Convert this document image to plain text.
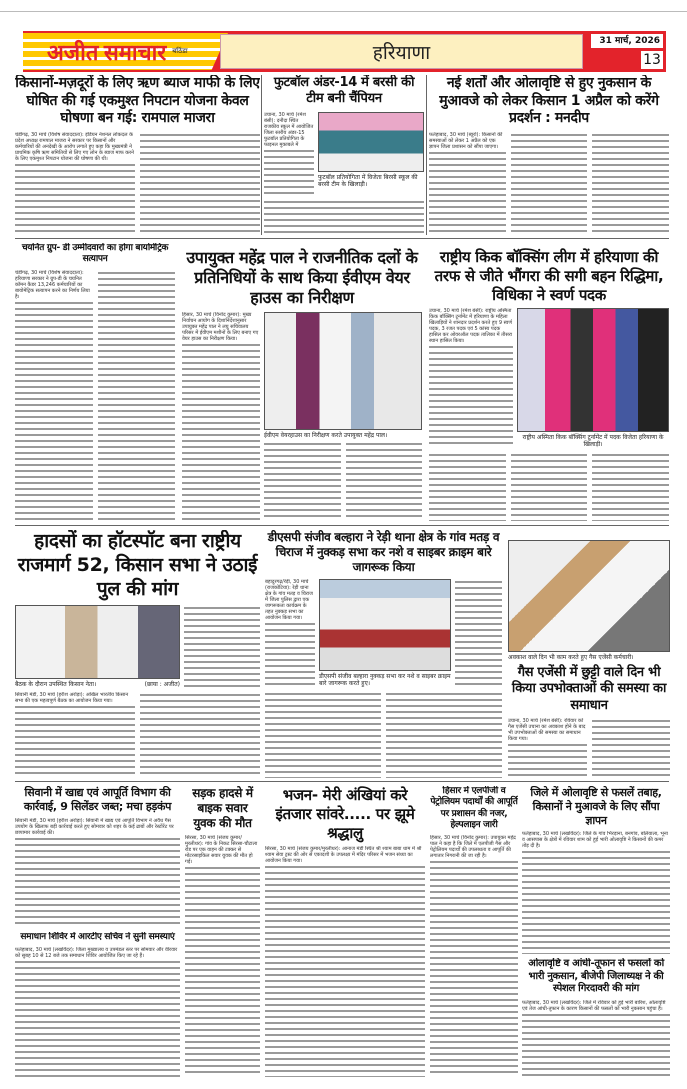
अजीत समाचार बठिंडा	हरियाणा
31 मार्च, 2026
13
किसानों-मज़दूरों के लिए ऋण ब्याज माफी के लिए घोषित की गई एकमुश्त निपटान योजना केवल घोषणा बन गई: रामपाल माजरा

चंडीगढ़, 30 मार्च (विशेष संवाददाता): इंडियन नेशनल लोकदल के प्रदेश अध्यक्ष रामपाल माजरा ने सरकार पर किसानों और कर्मचारियों की अनदेखी के आरोप लगाते हुए कहा कि मुख्यमंत्री ने प्राथमिक कृषि ऋण समितियों से लिए गए लोन के ब्याज माफ करने के लिए एकमुश्त निपटान योजना की घोषणा की थी।

फुटबॉल अंडर-14 में बरसी की टीम बनी चैंपियन

उचाना, 30 मार्च (रमेश बंसी): दनौदा स्थित राजकीय स्कूल में आयोजित जिला स्तरीय अंडर-15 फुटबॉल प्रतियोगिता के फाइनल मुकाबले में

फुटबॉल प्रतियोगिता में विजेता बिरसी स्कूल की बरसी टीम के खिलाड़ी।
नई शर्तों और ओलावृष्टि से हुए नुकसान के मुआवजे को लेकर किसान 1 अप्रैल को करेंगे प्रदर्शन : मनदीप

फतेहाबाद, 30 मार्च (ब्यूरो): किसानों की समस्याओं को लेकर 1 अप्रैल को एक ज्ञापन जिला प्रशासन को सौंपा जाएगा।

चयनित ग्रुप- डी उम्मीदवारों का होगा बायोमेट्रिक सत्यापन

चंडीगढ़, 30 मार्च (विशेष संवाददाता): हरियाणा सरकार ने ग्रुप-डी के चयनित कॉमन कैडर 13,246 कर्मचारियों का बायोमेट्रिक सत्यापन करने का निर्णय लिया है।

उपायुक्त महेंद्र पाल ने राजनीतिक दलों के प्रतिनिधियों के साथ किया ईवीएम वेयर हाउस का निरीक्षण

हिसार, 30 मार्च (विनोद कुमार): मुख्य निर्वाचन आयोग के दिशानिर्देशानुसार उपायुक्त महेंद्र पाल ने लघु सचिवालय परिसर में ईवीएम मशीनों के लिए बनाए गए वेयर हाउस का निरीक्षण किया।

ईवीएम वेयरहाउस का निरीक्षण करते उपायुक्त महेंद्र पाल।
राष्ट्रीय किक बॉक्सिंग लीग में हरियाणा की तरफ से जीते भौंगरा की सगी बहन रिद्धिमा, विधिका ने स्वर्ण पदक

उचाना, 30 मार्च (रमेश बंसी): राष्ट्रीय अस्मिता किक बॉक्सिंग टूर्नामेंट में हरियाणा के महिला खिलाड़ियों ने शानदार प्रदर्शन करते हुए 9 स्वर्ण पदक, 3 रजत पदक एवं 5 कांस्य पदक हासिल कर ओवरऑल पदक तालिका में तीसरा स्थान हासिल किया।

राष्ट्रीय अस्मिता किक बॉक्सिंग टूर्नामेंट में पदक विजेता हरियाणा के खिलाड़ी।
हादसों का हॉटस्पॉट बना राष्ट्रीय राजमार्ग 52, किसान सभा ने उठाई पुल की मांग
बैठक के दौरान उपस्थित किसान नेता।	(छाया : अजीत)

सिवानी मंडी, 30 मार्च (हरीश अरोड़ा): अखिल भारतीय किसान सभा की एक महत्वपूर्ण बैठक का आयोजन किया गया।

डीएसपी संजीव बल्हारा ने रेड़ी थाना क्षेत्र के गांव मतड़ व चिराज में नुक्कड़ सभा कर नशे व साइबर क्राइम बारे जागरूक किया

बहादुरगढ़/रेड़ी, 30 मार्च (राजकोटिया): रेड़ी थाना क्षेत्र के गांव मतड़ व चिराज में जिला पुलिस द्वारा एक जागरूकता कार्यक्रम के तहत नुक्कड़ सभा का आयोजन किया गया।

डीएसपी संजीव बल्हारा नुक्कड़ सभा कर नशे व साइबर क्राइम बारे जागरूक करते हुए।
अवकाश वाले दिन भी काम करते हुए गैस एजेंसी कर्मचारी।
गैस एजेंसी में छुट्टी वाले दिन भी किया उपभोक्ताओं की समस्या का समाधान

उचाना, 30 मार्च (रमेश बंसी): रविवार को गैस एजेंसी उचाना का अवकाश होने के बाद भी उपभोक्ताओं की समस्या का समाधान किया गया।

सिवानी में खाद्य एवं आपूर्ति विभाग की कार्रवाई, 9 सिलेंडर जब्त; मचा हड़कंप

सिवानी मंडी, 30 मार्च (हरीश अरोड़ा): सिवानी में खाद्य एवं आपूर्ति विभाग ने अवैध गैस उपयोग के खिलाफ बड़ी कार्रवाई करते हुए सोमवार को शहर के कई ढाबों और रेस्टोरेंट पर छापामार कार्रवाई की।

समाधान शिविर में आरटीए सचिव ने सुनी समस्याएं

फतेहाबाद, 30 मार्च (लखविंदर): जिला मुख्यालय व उपमंडल स्तर पर सोमवार और वीरवार को सुबह 10 से 12 बजे तक समाधान शिविर आयोजित किए जा रहे हैं।

सड़क हादसे में बाइक सवार युवक की मौत

सिरसा, 30 मार्च (संजय कुमार/मुरलीधर): गांव के निकट सिरसा-चौटाला रोड पर एक वाहन की टक्कर से मोटरसाइकिल सवार युवक की मौत हो गई।

भजन- मेरी अंखियां करे इंतजार सांवरे..... पर झूमे श्रद्धालु

सिरसा, 30 मार्च (संजय कुमार/मुरलीधर): आनाज मंडी स्थित श्री श्याम बाबा धाम में श्री श्याम सेवा ट्रस्ट की ओर से एकादशी के उपलक्ष्य में मंदिर परिसर में भजन संध्या का आयोजन किया गया।

हिसार में एलपीजी व पेट्रोलियम पदार्थों की आपूर्ति पर प्रशासन की नजर, हेल्पलाइन जारी

हिसार, 30 मार्च (विनोद कुमार): उपायुक्त महेंद्र पाल ने कहा है कि जिले में एलपीजी गैस और पेट्रोलियम पदार्थों की उपलब्धता व आपूर्ति की लगातार निगरानी की जा रही है।

जिले में ओलावृष्टि से फसलें तबाह, किसानों ने मुआवजे के लिए सौंपा ज्ञापन

फतेहाबाद, 30 मार्च (लखविंदर): जिले के गांव भिरड़ाना, बनगांव, बलियाला, भूना व आसपास के क्षेत्रों में रविवार शाम को हुई भारी ओलावृष्टि ने किसानों की कमर तोड़ दी है।

ओलावृष्टि व आंधी-तूफान से फसलों को भारी नुकसान, बीजेपी जिलाध्यक्ष ने की स्पेशल गिरदावरी की मांग

फतेहाबाद, 30 मार्च (लखविंदर): जिले में रविवार को हुई भारी बारिश, ओलावृष्टि एवं तेज आंधी-तूफान के कारण किसानों की फसलों को भारी नुकसान पहुंचा है।
